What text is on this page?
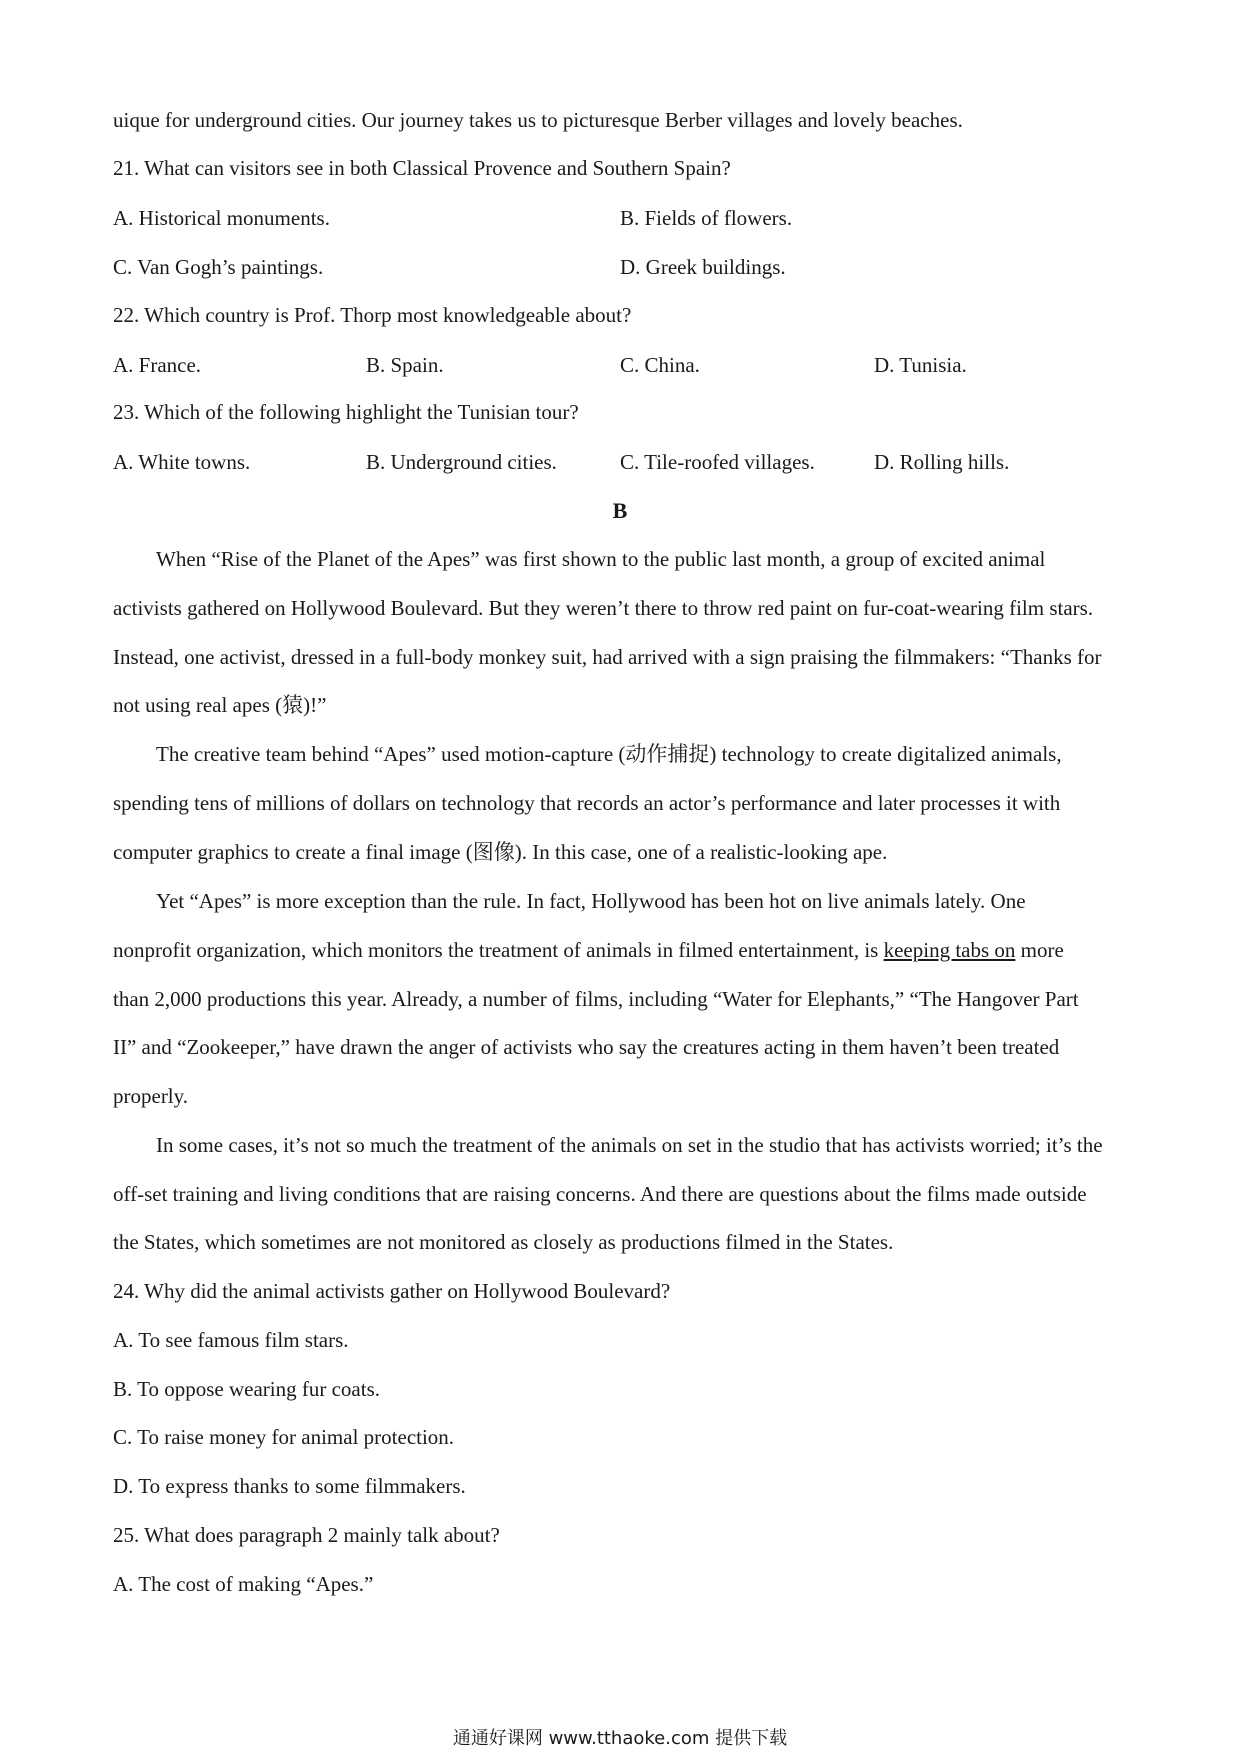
uique for underground cities. Our journey takes us to picturesque Berber villages and lovely beaches.
21. What can visitors see in both Classical Provence and Southern Spain?
A. Historical monuments.	B. Fields of flowers.
C. Van Gogh’s paintings.	D. Greek buildings.
22. Which country is Prof. Thorp most knowledgeable about?
A. France.	B. Spain.	C. China.	D. Tunisia.
23. Which of the following highlight the Tunisian tour?
A. White towns.	B. Underground cities.	C. Tile-roofed villages.	D. Rolling hills.
B
When “Rise of the Planet of the Apes” was first shown to the public last month, a group of excited animal
activists gathered on Hollywood Boulevard. But they weren’t there to throw red paint on fur-coat-wearing film stars.
Instead, one activist, dressed in a full-body monkey suit, had arrived with a sign praising the filmmakers: “Thanks for
not using real apes (猿)!”
The creative team behind “Apes” used motion-capture (动作捕捉) technology to create digitalized animals,
spending tens of millions of dollars on technology that records an actor’s performance and later processes it with
computer graphics to create a final image (图像). In this case, one of a realistic-looking ape.
Yet “Apes” is more exception than the rule. In fact, Hollywood has been hot on live animals lately. One
nonprofit organization, which monitors the treatment of animals in filmed entertainment, is keeping tabs on more
than 2,000 productions this year. Already, a number of films, including “Water for Elephants,” “The Hangover Part
II” and “Zookeeper,” have drawn the anger of activists who say the creatures acting in them haven’t been treated
properly.
In some cases, it’s not so much the treatment of the animals on set in the studio that has activists worried; it’s the
off-set training and living conditions that are raising concerns. And there are questions about the films made outside
the States, which sometimes are not monitored as closely as productions filmed in the States.
24. Why did the animal activists gather on Hollywood Boulevard?
A. To see famous film stars.
B. To oppose wearing fur coats.
C. To raise money for animal protection.
D. To express thanks to some filmmakers.
25. What does paragraph 2 mainly talk about?
A. The cost of making “Apes.”
通通好课网 www.tthaoke.com 提供下载
